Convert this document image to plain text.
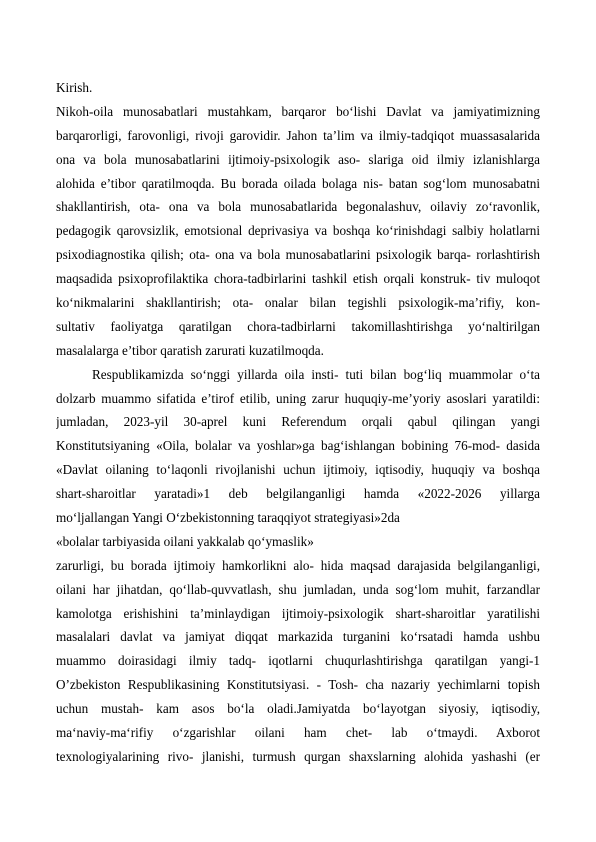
Kirish.
Nikoh-oila munosabatlari mustahkam, barqaror bo‘lishi Davlat va jamiyatimizning
barqarorligi, farovonligi, rivoji garovidir. Jahon ta’lim va ilmiy-tadqiqot muassasalarida
ona va bola munosabatlarini ijtimoiy-psixologik aso- slariga oid ilmiy izlanishlarga
alohida e’tibor qaratilmoqda. Bu borada oilada bolaga nis- batan sog‘lom munosabatni
shakllantirish, ota- ona va bola munosabatlarida begonalashuv, oilaviy zo‘ravonlik,
pedagogik qarovsizlik, emotsional deprivasiya va boshqa ko‘rinishdagi salbiy holatlarni
psixodiagnostika qilish; ota- ona va bola munosabatlarini psixologik barqa- rorlashtirish
maqsadida psixoprofilaktika chora-tadbirlarini tashkil etish orqali konstruk- tiv muloqot
ko‘nikmalarini shakllantirish; ota- onalar bilan tegishli psixologik-ma’rifiy, kon-
sultativ faoliyatga qaratilgan chora-tadbirlarni takomillashtirishga yo‘naltirilgan
masalalarga e’tibor qaratish zarurati kuzatilmoqda.
Respublikamizda so‘nggi yillarda oila insti- tuti bilan bog‘liq muammolar o‘ta
dolzarb muammo sifatida e’tirof etilib, uning zarur huquqiy-me’yoriy asoslari yaratildi:
jumladan, 2023-yil 30-aprel kuni Referendum orqali qabul qilingan yangi
Konstitutsiyaning «Oila, bolalar va yoshlar»ga bag‘ishlangan bobining 76-mod- dasida
«Davlat oilaning to‘laqonli rivojlanishi uchun ijtimoiy, iqtisodiy, huquqiy va boshqa
shart-sharoitlar yaratadi»1 deb belgilanganligi hamda «2022-2026 yillarga
mo‘ljallangan Yangi O‘zbekistonning taraqqiyot strategiyasi»2da
«bolalar tarbiyasida oilani yakkalab qo‘ymaslik»
zarurligi, bu borada ijtimoiy hamkorlikni alo- hida maqsad darajasida belgilanganligi,
oilani har jihatdan, qo‘llab-quvvatlash, shu jumladan, unda sog‘lom muhit, farzandlar
kamolotga erishishini ta’minlaydigan ijtimoiy-psixologik shart-sharoitlar yaratilishi
masalalari davlat va jamiyat diqqat markazida turganini ko‘rsatadi hamda ushbu
muammo doirasidagi ilmiy tadq- iqotlarni chuqurlashtirishga qaratilgan yangi-1
O’zbekiston Respublikasining Konstitutsiyasi. - Tosh- cha nazariy yechimlarni topish
uchun mustah- kam asos bo‘la oladi.Jamiyatda bo‘layotgan siyosiy, iqtisodiy,
ma‘naviy-ma‘rifiy o‘zgarishlar oilani ham chet- lab o‘tmaydi. Axborot
texnologiyalarining rivo- jlanishi, turmush qurgan shaxslarning alohida yashashi (er
